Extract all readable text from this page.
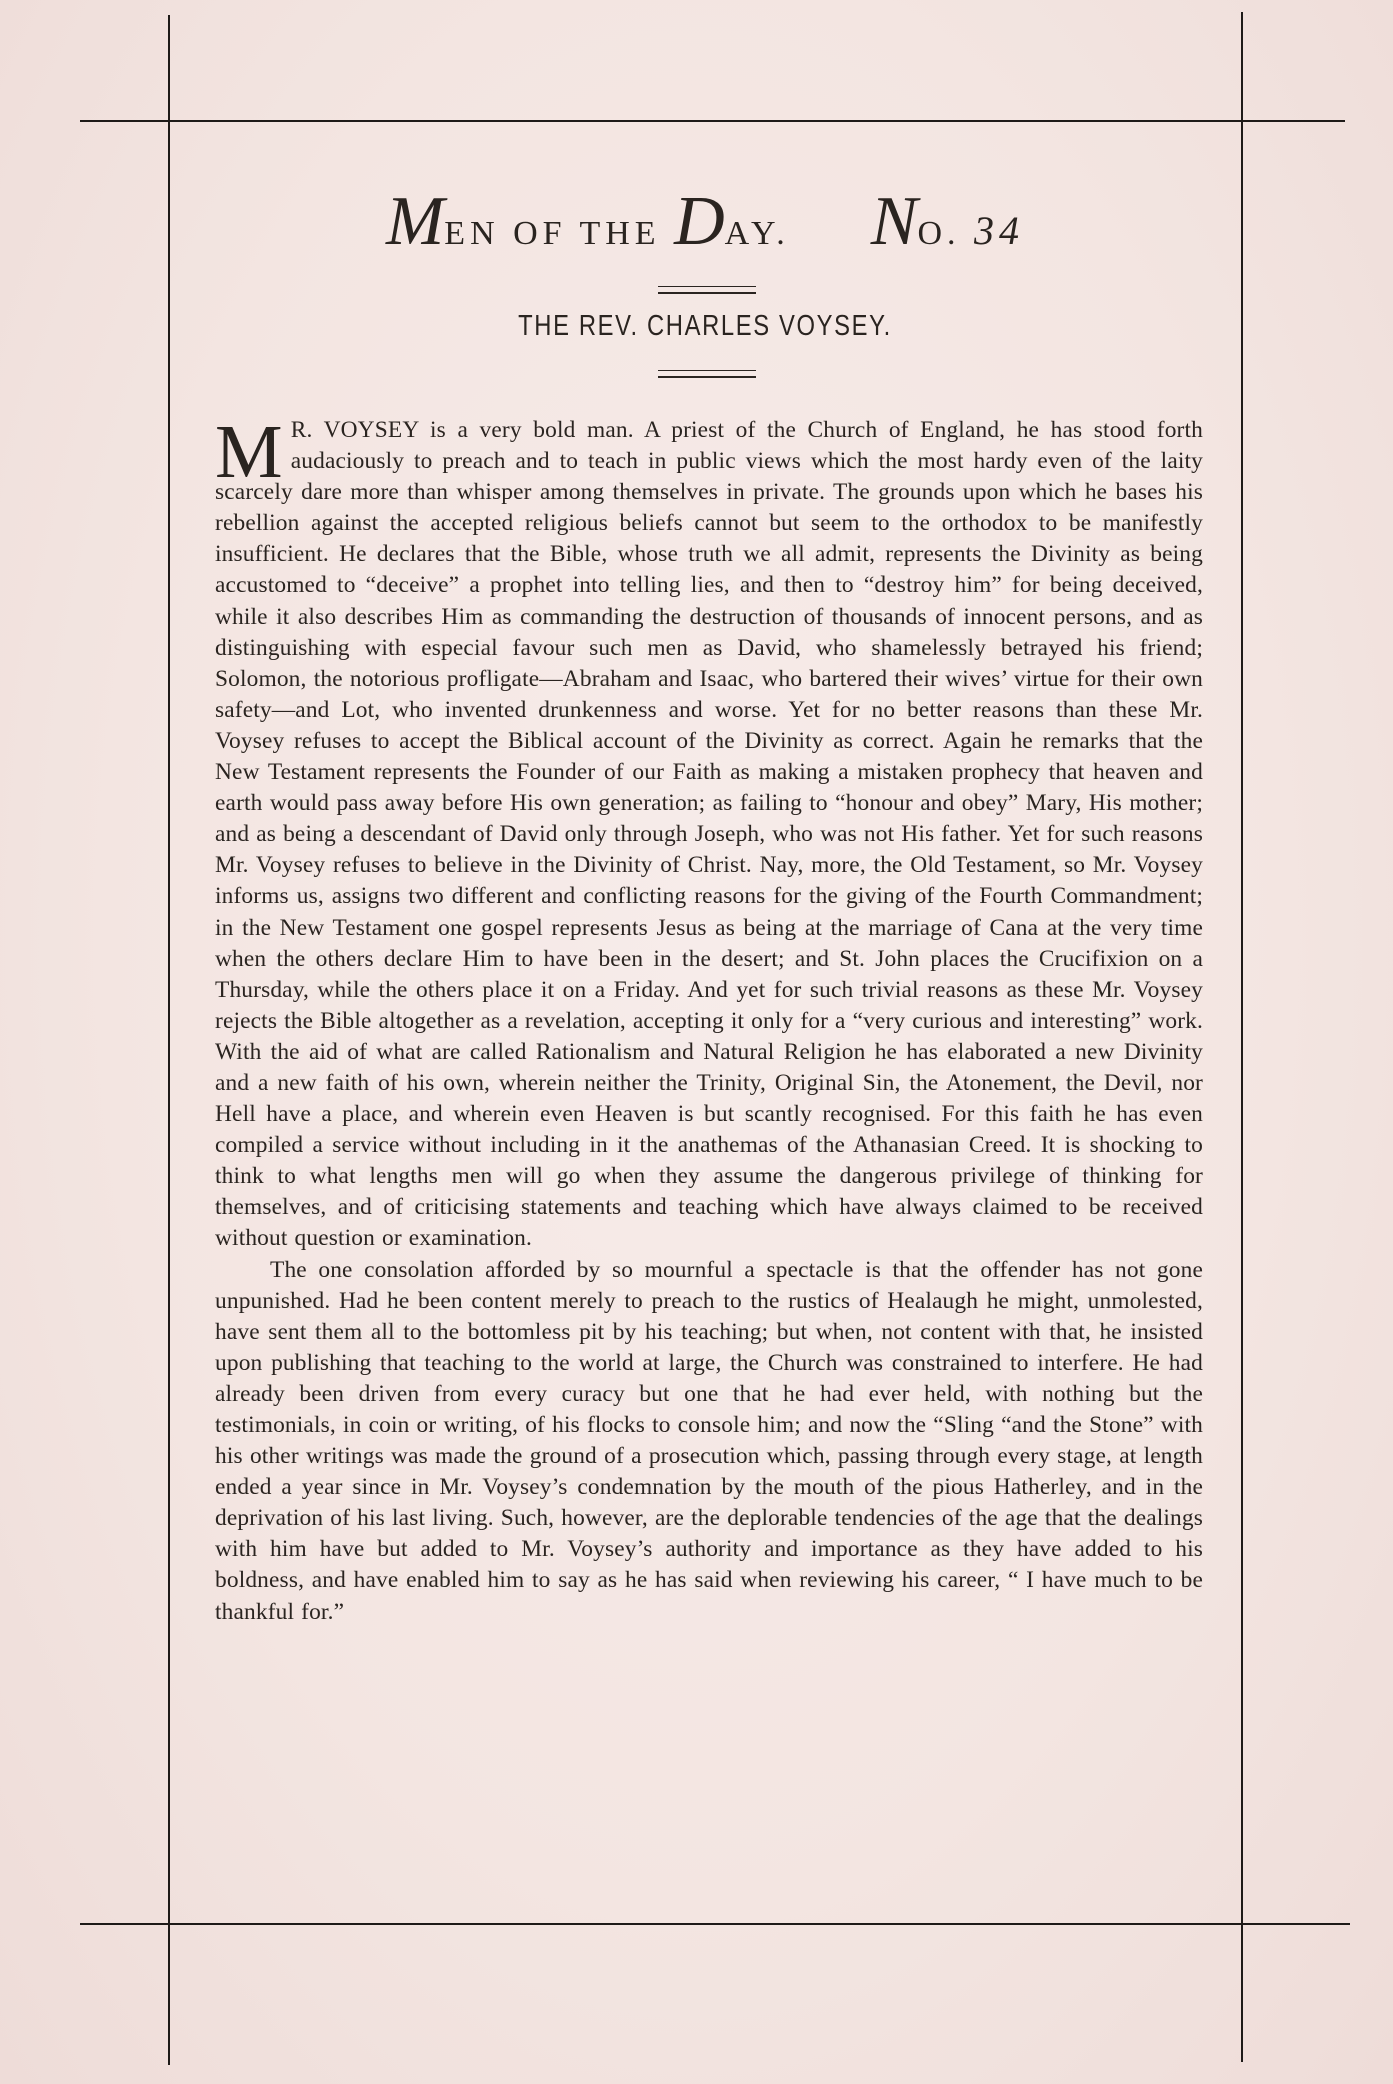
MEN OF THE DAY. NO. 34
THE REV. CHARLES VOYSEY.

M R. VOYSEY is a very bold man. A priest of the Church of England, he has stood forth audaciously to preach and to teach in public views which the most hardy even of the laity scarcely dare more than whisper among themselves in private. The grounds upon which he bases his rebellion against the accepted religious beliefs cannot but seem to the orthodox to be manifestly insufficient. He declares that the Bible, whose truth we all admit, represents the Divinity as being accustomed to “deceive” a prophet into telling lies, and then to “destroy him” for being deceived, while it also describes Him as commanding the destruction of thousands of innocent persons, and as distinguishing with especial favour such men as David, who shamelessly betrayed his friend; Solomon, the notorious profligate—Abraham and Isaac, who bartered their wives’ virtue for their own safety—and Lot, who invented drunkenness and worse. Yet for no better reasons than these Mr. Voysey refuses to accept the Biblical account of the Divinity as correct. Again he remarks that the New Testament represents the Founder of our Faith as making a mistaken prophecy that heaven and earth would pass away before His own generation; as failing to “honour and obey” Mary, His mother; and as being a descendant of David only through Joseph, who was not His father. Yet for such reasons Mr. Voysey refuses to believe in the Divinity of Christ. Nay, more, the Old Testament, so Mr. Voysey informs us, assigns two different and conflicting reasons for the giving of the Fourth Commandment; in the New Testament one gospel represents Jesus as being at the marriage of Cana at the very time when the others declare Him to have been in the desert; and St. John places the Crucifixion on a Thursday, while the others place it on a Friday. And yet for such trivial reasons as these Mr. Voysey rejects the Bible altogether as a revelation, accepting it only for a “very curious and interesting” work. With the aid of what are called Rationalism and Natural Religion he has elaborated a new Divinity and a new faith of his own, wherein neither the Trinity, Original Sin, the Atonement, the Devil, nor Hell have a place, and wherein even Heaven is but scantly recognised. For this faith he has even compiled a service without including in it the anathemas of the Athanasian Creed. It is shocking to think to what lengths men will go when they assume the dangerous privilege of thinking for themselves, and of criticising statements and teaching which have always claimed to be received without question or examination.

The one consolation afforded by so mournful a spectacle is that the offender has not gone unpunished. Had he been content merely to preach to the rustics of Healaugh he might, unmolested, have sent them all to the bottomless pit by his teaching; but when, not content with that, he insisted upon publishing that teaching to the world at large, the Church was constrained to interfere. He had already been driven from every curacy but one that he had ever held, with nothing but the testimonials, in coin or writing, of his flocks to console him; and now the “Sling “and the Stone” with his other writings was made the ground of a prosecution which, passing through every stage, at length ended a year since in Mr. Voysey’s condemnation by the mouth of the pious Hatherley, and in the deprivation of his last living. Such, however, are the deplorable tendencies of the age that the dealings with him have but added to Mr. Voysey’s authority and importance as they have added to his boldness, and have enabled him to say as he has said when reviewing his career, “ I have much to be thankful for.”
